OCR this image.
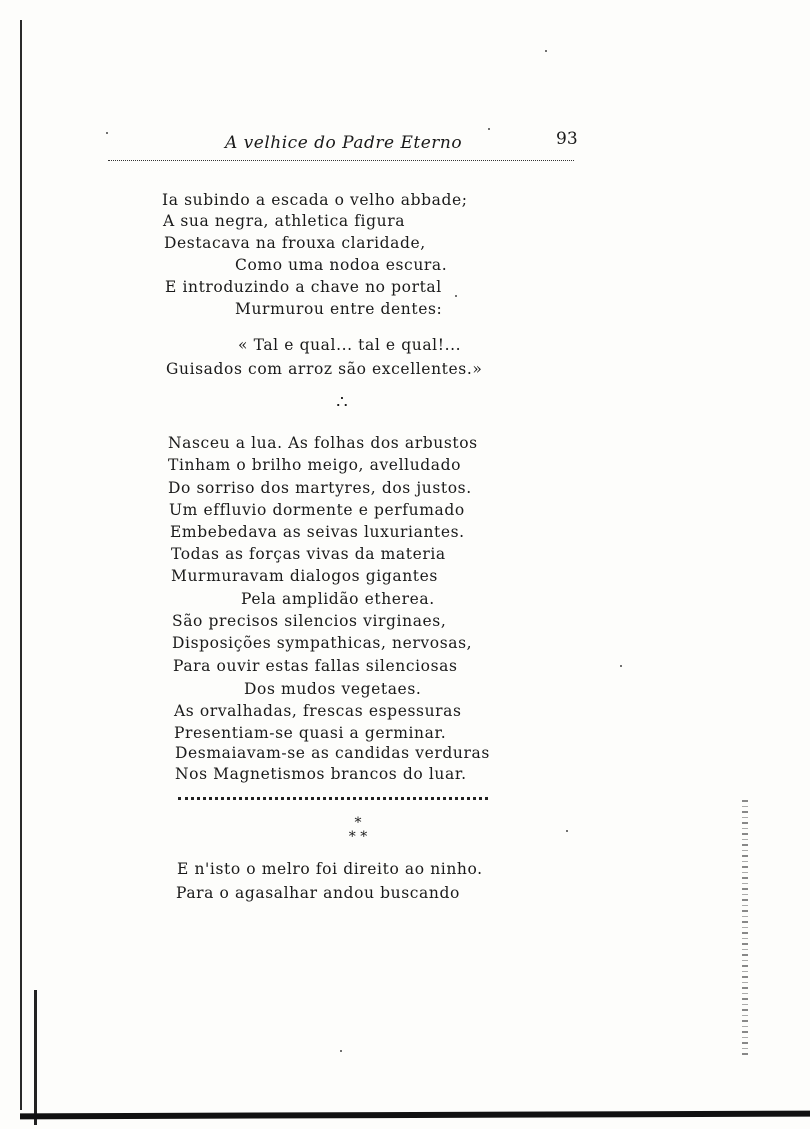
A velhice do Padre Eterno	93
Ia subindo a escada o velho abbade;
A sua negra, athletica figura
Destacava na frouxa claridade,
Como uma nodoa escura.
E introduzindo a chave no portal
Murmurou entre dentes:
« Tal e qual... tal e qual!...
Guisados com arroz são excellentes.»
∴
Nasceu a lua. As folhas dos arbustos
Tinham o brilho meigo, avelludado
Do sorriso dos martyres, dos justos.
Um effluvio dormente e perfumado
Embebedava as seivas luxuriantes.
Todas as forças vivas da materia
Murmuravam dialogos gigantes
Pela amplidão etherea.
São precisos silencios virginaes,
Disposições sympathicas, nervosas,
Para ouvir estas fallas silenciosas
Dos mudos vegetaes.
As orvalhadas, frescas espessuras
Presentiam-se quasi a germinar.
Desmaiavam-se as candidas verduras
Nos Magnetismos brancos do luar.
*
* *
E n'isto o melro foi direito ao ninho.
Para o agasalhar andou buscando
